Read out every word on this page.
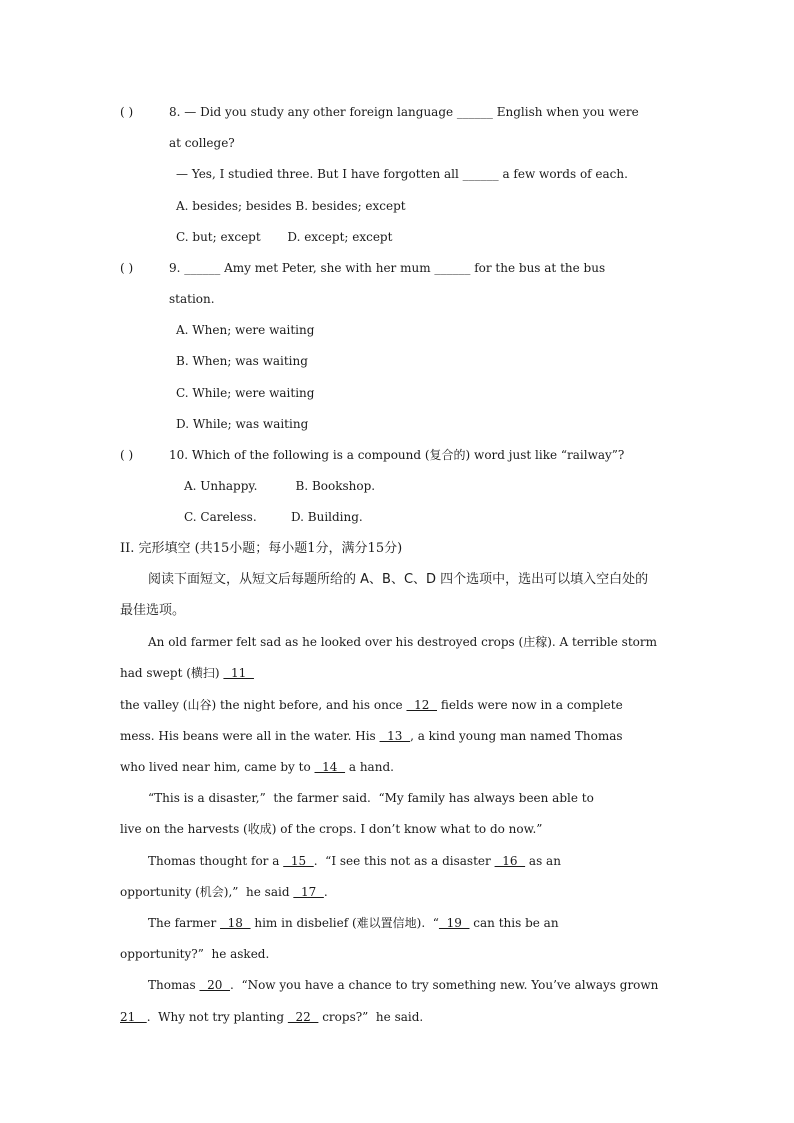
( )	8. — Did you study any other foreign language ______ English when you were
at college?
— Yes, I studied three. But I have forgotten all ______ a few words of each.
A. besides; besides B. besides; except
C. but; except       D. except; except
( )	9. ______ Amy met Peter, she with her mum ______ for the bus at the bus
station.
A. When; were waiting
B. When; was waiting
C. While; were waiting
D. While; was waiting
( )	10. Which of the following is a compound (复合的) word just like “railway”?
A. Unhappy.          B. Bookshop.
C. Careless.         D. Building.
II. 完形填空 (共15小题；每小题1分，满分15分)
阅读下面短文，从短文后每题所给的 A、B、C、D 四个选项中，选出可以填入空白处的
最佳选项。
An old farmer felt sad as he looked over his destroyed crops (庄稼). A terrible storm
had swept (横扫)   11
the valley (山谷) the night before, and his once   12   fields were now in a complete
mess. His beans were all in the water. His   13  , a kind young man named Thomas
who lived near him, came by to   14   a hand.
“This is a disaster,”  the farmer said.  “My family has always been able to
live on the harvests (收成) of the crops. I don’t know what to do now.”
Thomas thought for a   15  .  “I see this not as a disaster   16   as an
opportunity (机会),”  he said   17  .
The farmer   18   him in disbelief (难以置信地).  “  19   can this be an
opportunity?”  he asked.
Thomas   20  .  “Now you have a chance to try something new. You’ve always grown
21   .  Why not try planting   22   crops?”  he said.
